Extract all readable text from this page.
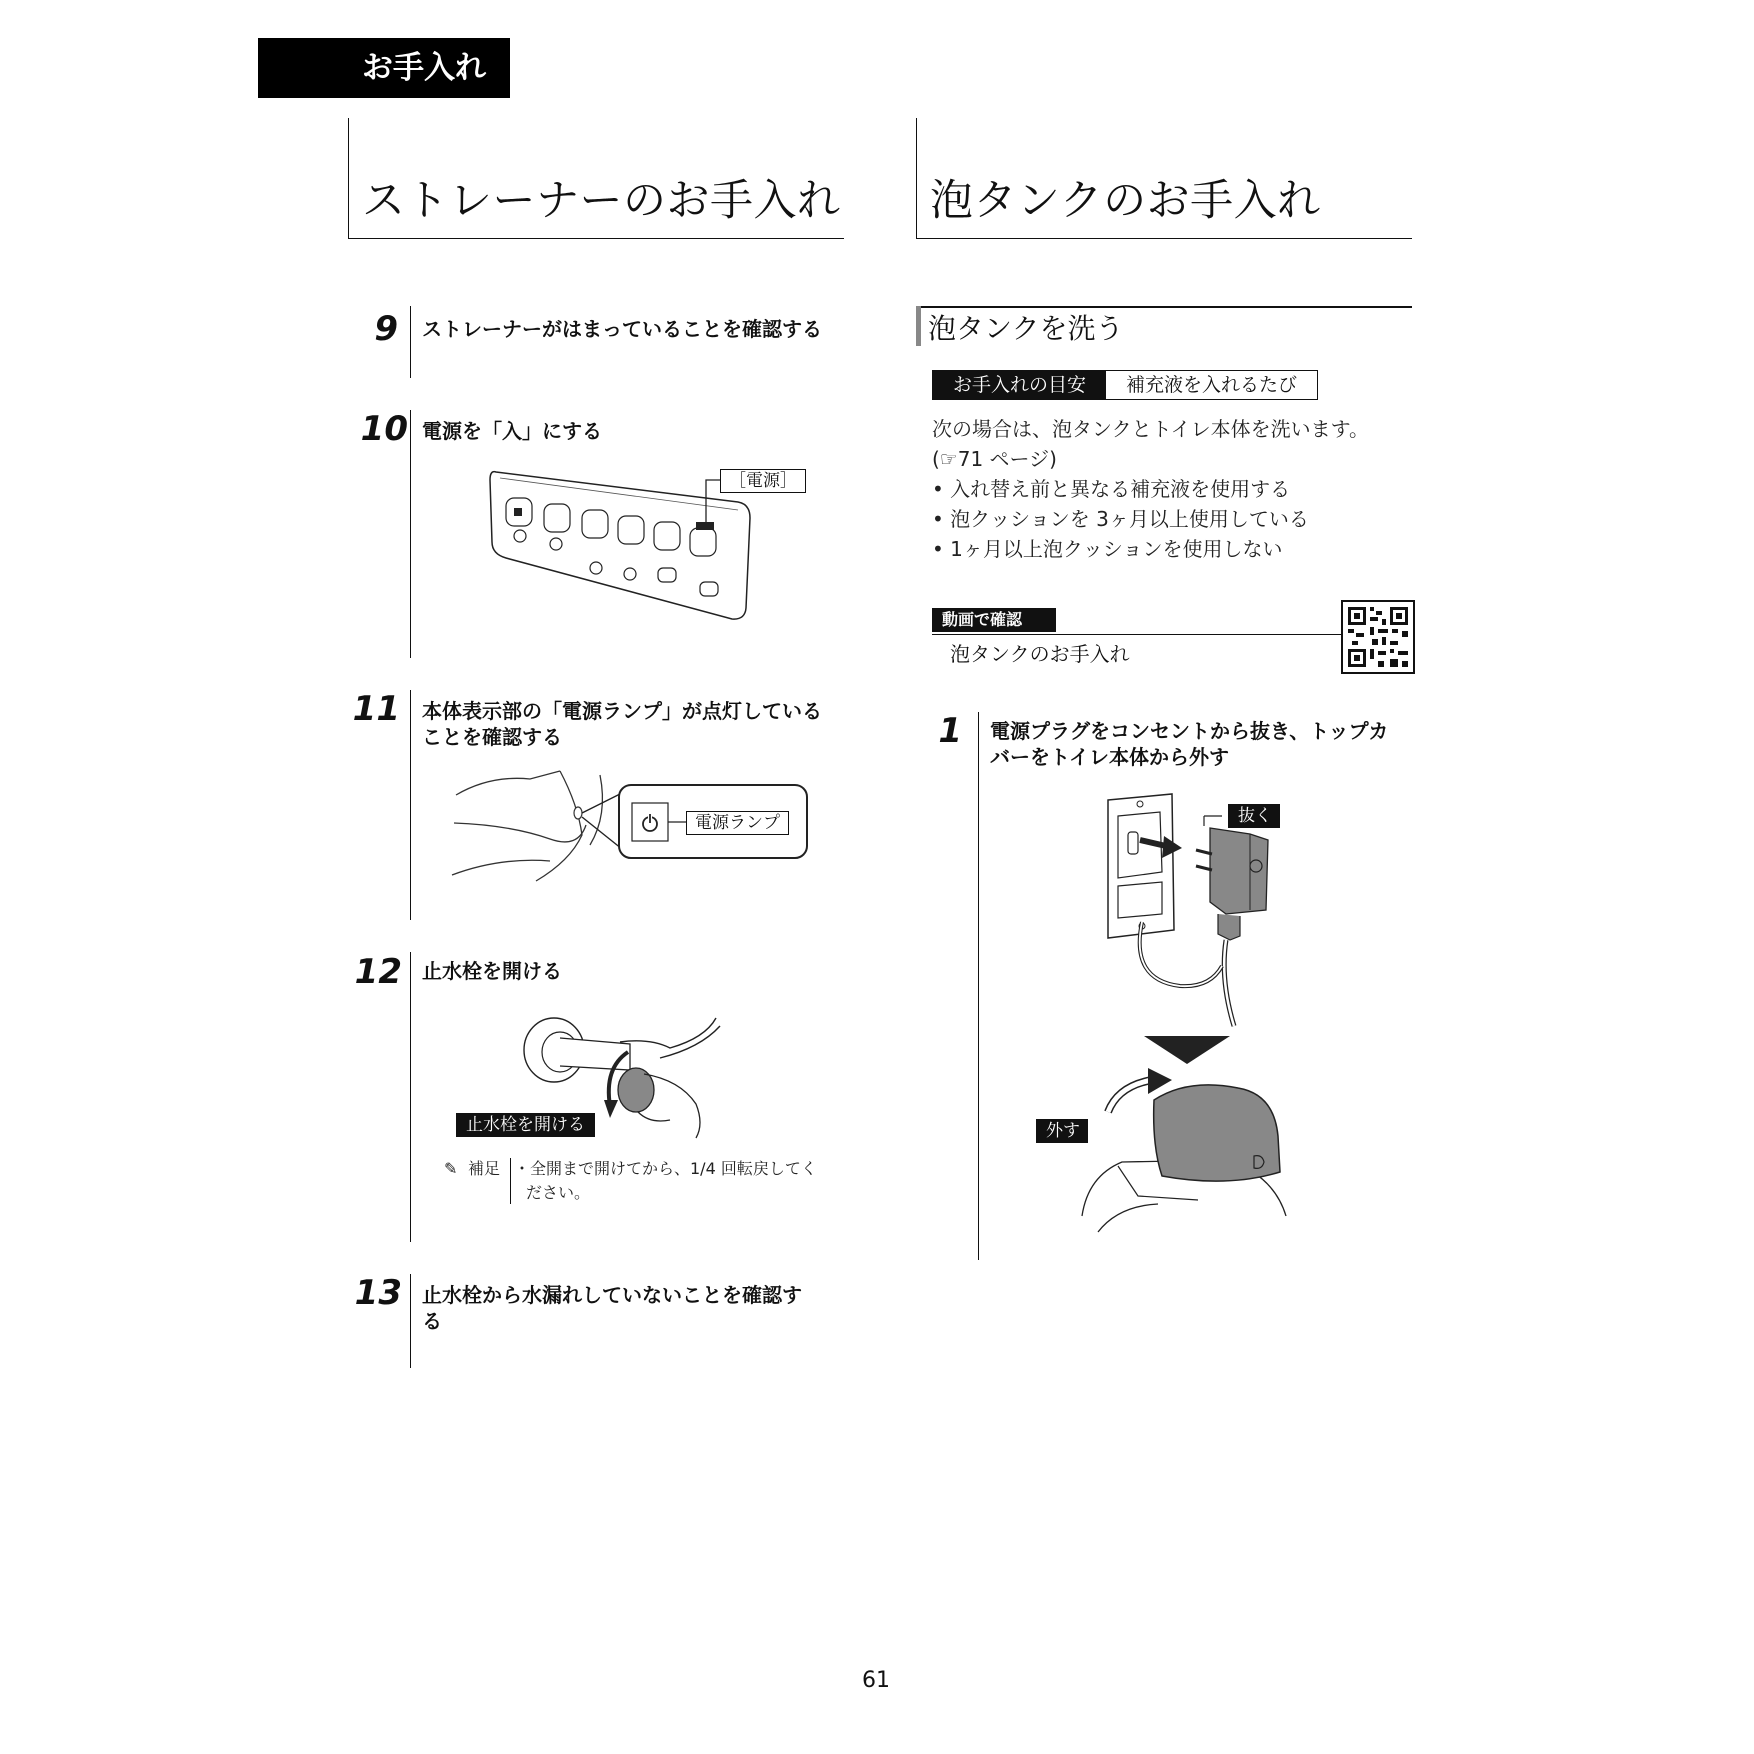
お手入れ
ストレーナーのお手入れ
9 ストレーナーがはまっていることを確認する
10 電源を「入」にする
［電源］
11 本体表示部の「電源ランプ」が点灯している
ことを確認する
電源ランプ
12 止水栓を開ける
止水栓を開ける
✎ 補足 ・全開まで開けてから、1/4 回転戻してく
ださい。
13 止水栓から水漏れしていないことを確認す
る
泡タンクのお手入れ
泡タンクを洗う
お手入れの目安	補充液を入れるたび
次の場合は、泡タンクとトイレ本体を洗います。
(☞71 ページ)
• 入れ替え前と異なる補充液を使用する
• 泡クッションを 3ヶ月以上使用している
• 1ヶ月以上泡クッションを使用しない
動画で確認
泡タンクのお手入れ
1 電源プラグをコンセントから抜き、トップカ
バーをトイレ本体から外す
抜く
外す
61
